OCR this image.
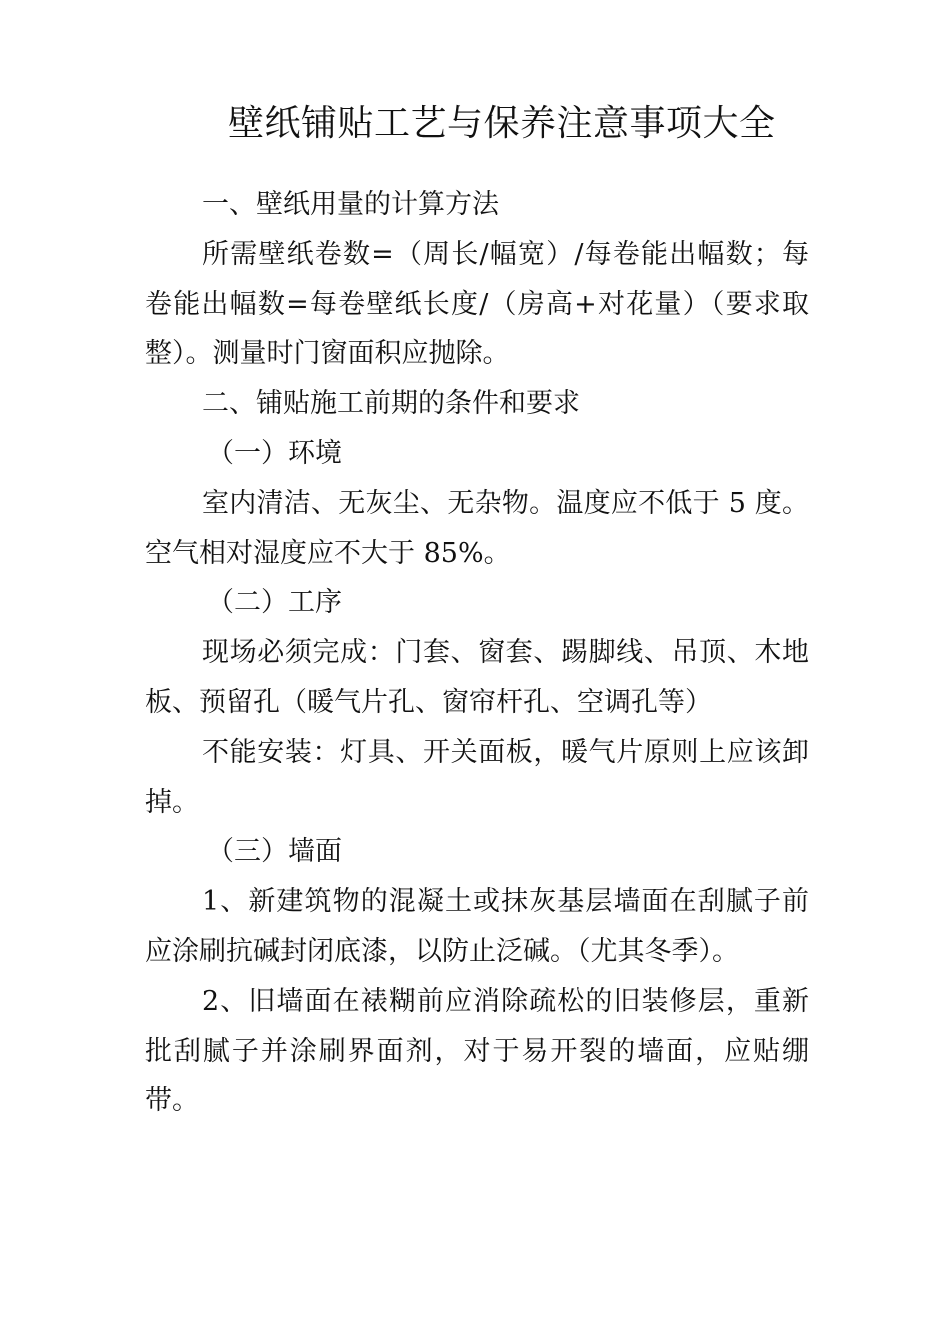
壁纸铺贴工艺与保养注意事项大全

一、壁纸用量的计算方法

所需壁纸卷数=（周长/幅宽）/每卷能出幅数；每卷能出幅数=每卷壁纸长度/（房高+对花量）（要求取整）。测量时门窗面积应抛除。

二、铺贴施工前期的条件和要求

（一）环境

室内清洁、无灰尘、无杂物。温度应不低于 5 度。空气相对湿度应不大于 85%。

（二）工序

现场必须完成：门套、窗套、踢脚线、吊顶、木地板、预留孔（暖气片孔、窗帘杆孔、空调孔等）

不能安装：灯具、开关面板，暖气片原则上应该卸掉。

（三）墙面

1、新建筑物的混凝土或抹灰基层墙面在刮腻子前应涂刷抗碱封闭底漆，以防止泛碱。（尤其冬季）。

2、旧墙面在裱糊前应消除疏松的旧装修层，重新批刮腻子并涂刷界面剂，对于易开裂的墙面，应贴绷带。
